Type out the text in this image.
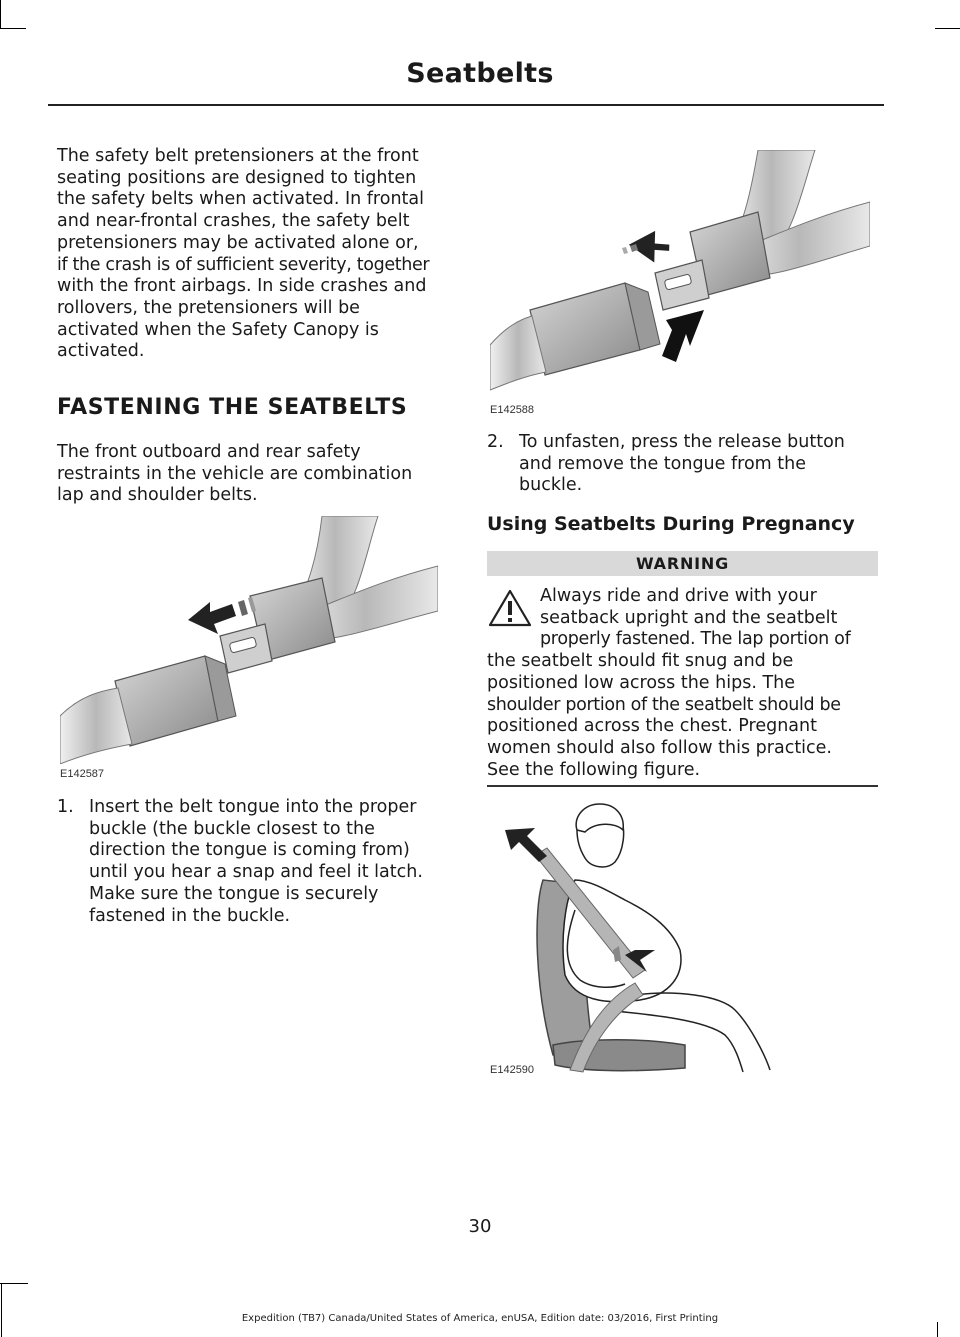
Seatbelts

The safety belt pretensioners at the front
seating positions are designed to tighten
the safety belts when activated. In frontal
and near-frontal crashes, the safety belt
pretensioners may be activated alone or,
if the crash is of sufficient severity, together
with the front airbags. In side crashes and
rollovers, the pretensioners will be
activated when the Safety Canopy is
activated.

FASTENING THE SEATBELTS

The front outboard and rear safety
restraints in the vehicle are combination
lap and shoulder belts.

E142587
1. Insert the belt tongue into the proper
buckle (the buckle closest to the
direction the tongue is coming from)
until you hear a snap and feel it latch.
Make sure the tongue is securely
fastened in the buckle.
E142588
2. To unfasten, press the release button
and remove the tongue from the
buckle.
Using Seatbelts During Pregnancy
WARNING
Always ride and drive with your
seatback upright and the seatbelt
properly fastened. The lap portion of
the seatbelt should fit snug and be
positioned low across the hips. The
shoulder portion of the seatbelt should be
positioned across the chest. Pregnant
women should also follow this practice.
See the following figure.
E142590
30
Expedition (TB7) Canada/United States of America, enUSA, Edition date: 03/2016, First Printing
